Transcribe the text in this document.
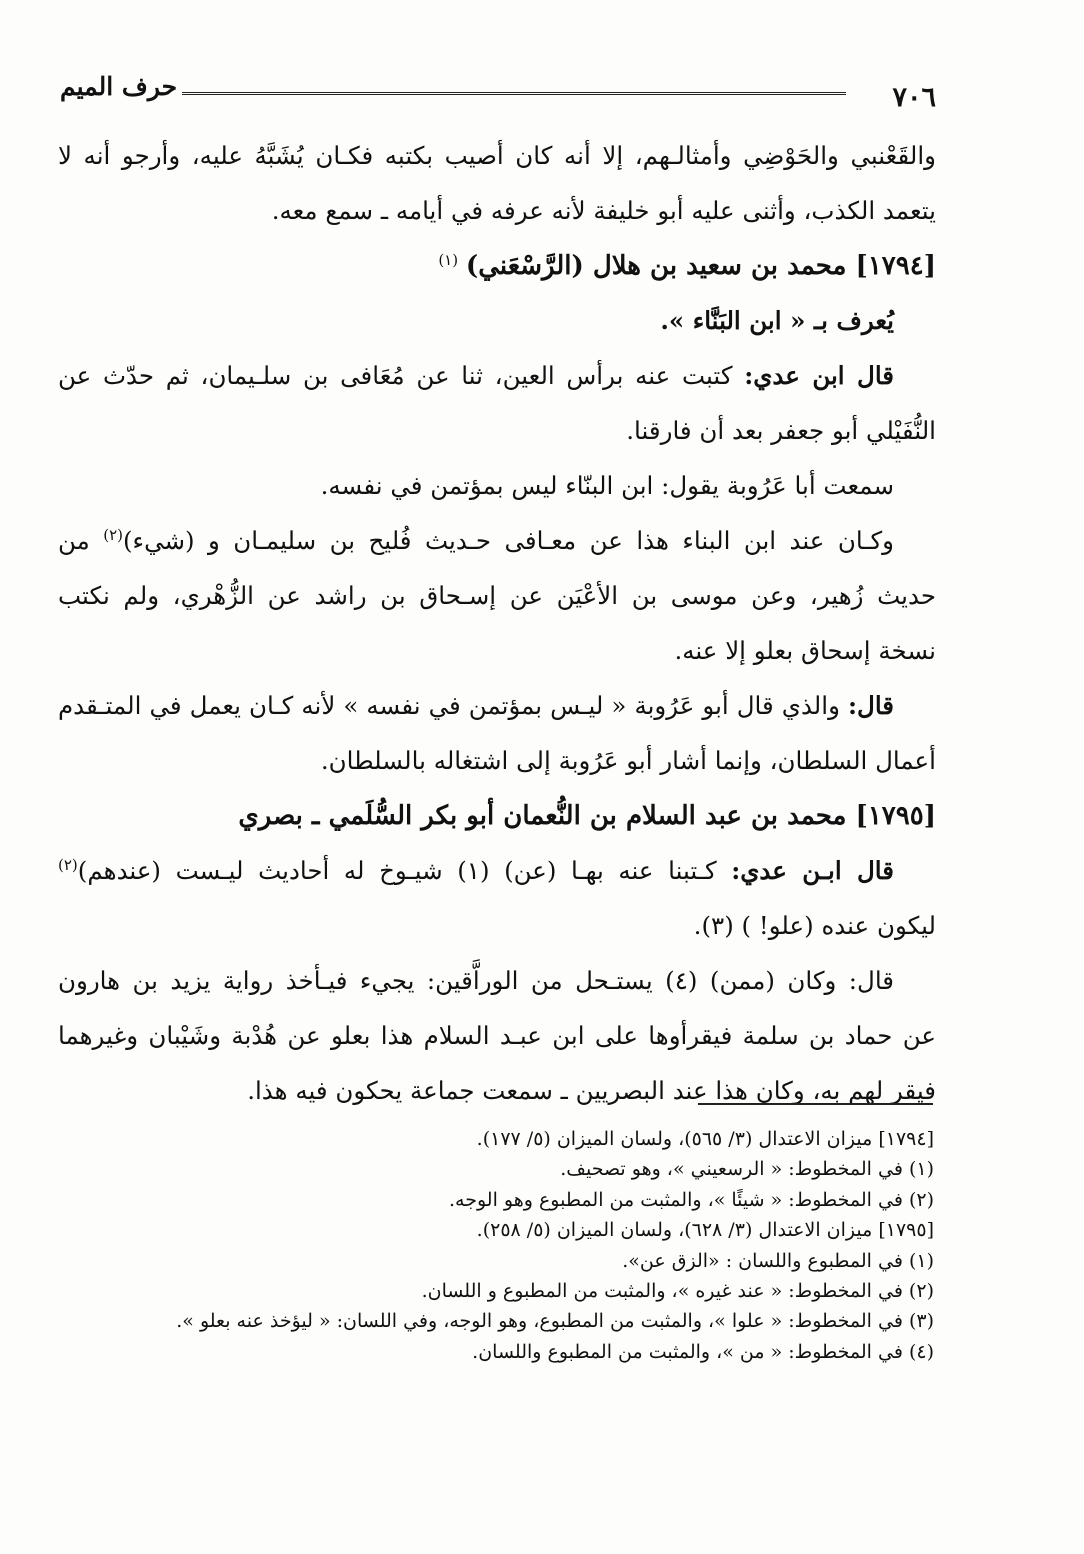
٧٠٦
حرف الميم
والقَعْنبي والحَوْضِي وأمثالـهم، إلا أنه كان أصيب بكتبه فكـان يُشَبَّهُ عليه، وأرجو أنه لا
يتعمد الكذب، وأثنى عليه أبو خليفة لأنه عرفه في أيامه ـ سمع معه.
[١٧٩٤] محمد بن سعيد بن هلال (الرَّسْعَني) $^{(١)}$
يُعرف بـ « ابن البَنَّاء ».
قال ابن عدي: كتبت عنه برأس العين، ثنا عن مُعَافى بن سلـيمان، ثم حدّث عن
النُّفَيْلي أبو جعفر بعد أن فارقنا.
سمعت أبا عَرُوبة يقول: ابن البنّاء ليس بمؤتمن في نفسه.
وكـان عند ابن البناء هذا عن معـافى حـديث فُليح بن سليمـان و (شيء)$^{(٢)}$ من
حديث زُهير، وعن موسى بن الأعْيَن عن إسـحاق بن راشد عن الزُّهْري، ولم نكتب
نسخة إسحاق بعلو إلا عنه.
قال: والذي قال أبو عَرُوبة « ليـس بمؤتمن في نفسه » لأنه كـان يعمل في المتـقدم
أعمال السلطان، وإنما أشار أبو عَرُوبة إلى اشتغاله بالسلطان.
[١٧٩٥] محمد بن عبد السلام بن النُّعمان أبو بكر السُّلَمي ـ بصري
قال ابـن عدي: كـتبنا عنه بهـا (عن) (١) شيـوخ له أحاديث ليـست (عندهم)$^{(٢)}$
ليكون عنده (علو! ) (٣).
قال: وكان (ممن) (٤) يستـحل من الوراَّقين: يجيء فيـأخذ رواية يزيد بن هارون
عن حماد بن سلمة فيقرأوها على ابن عبـد السلام هذا بعلو عن هُدْبة وشَيْبان وغيرهما
فيقر لهم به، وكان هذا عند البصريين ـ سمعت جماعة يحكون فيه هذا.
[١٧٩٤] ميزان الاعتدال (٣/ ٥٦٥)، ولسان الميزان (٥/ ١٧٧).
(١) في المخطوط: « الرسعيني »، وهو تصحيف.
(٢) في المخطوط: « شيئًا »، والمثبت من المطبوع وهو الوجه.
[١٧٩٥] ميزان الاعتدال (٣/ ٦٢٨)، ولسان الميزان (٥/ ٢٥٨).
(١) في المطبوع واللسان : «الزق عن».
(٢) في المخطوط: « عند غيره »، والمثبت من المطبوع و اللسان.
(٣) في المخطوط: « علوا »، والمثبت من المطبوع، وهو الوجه، وفي اللسان: « ليؤخذ عنه بعلو ».
(٤) في المخطوط: « من »، والمثبت من المطبوع واللسان.
